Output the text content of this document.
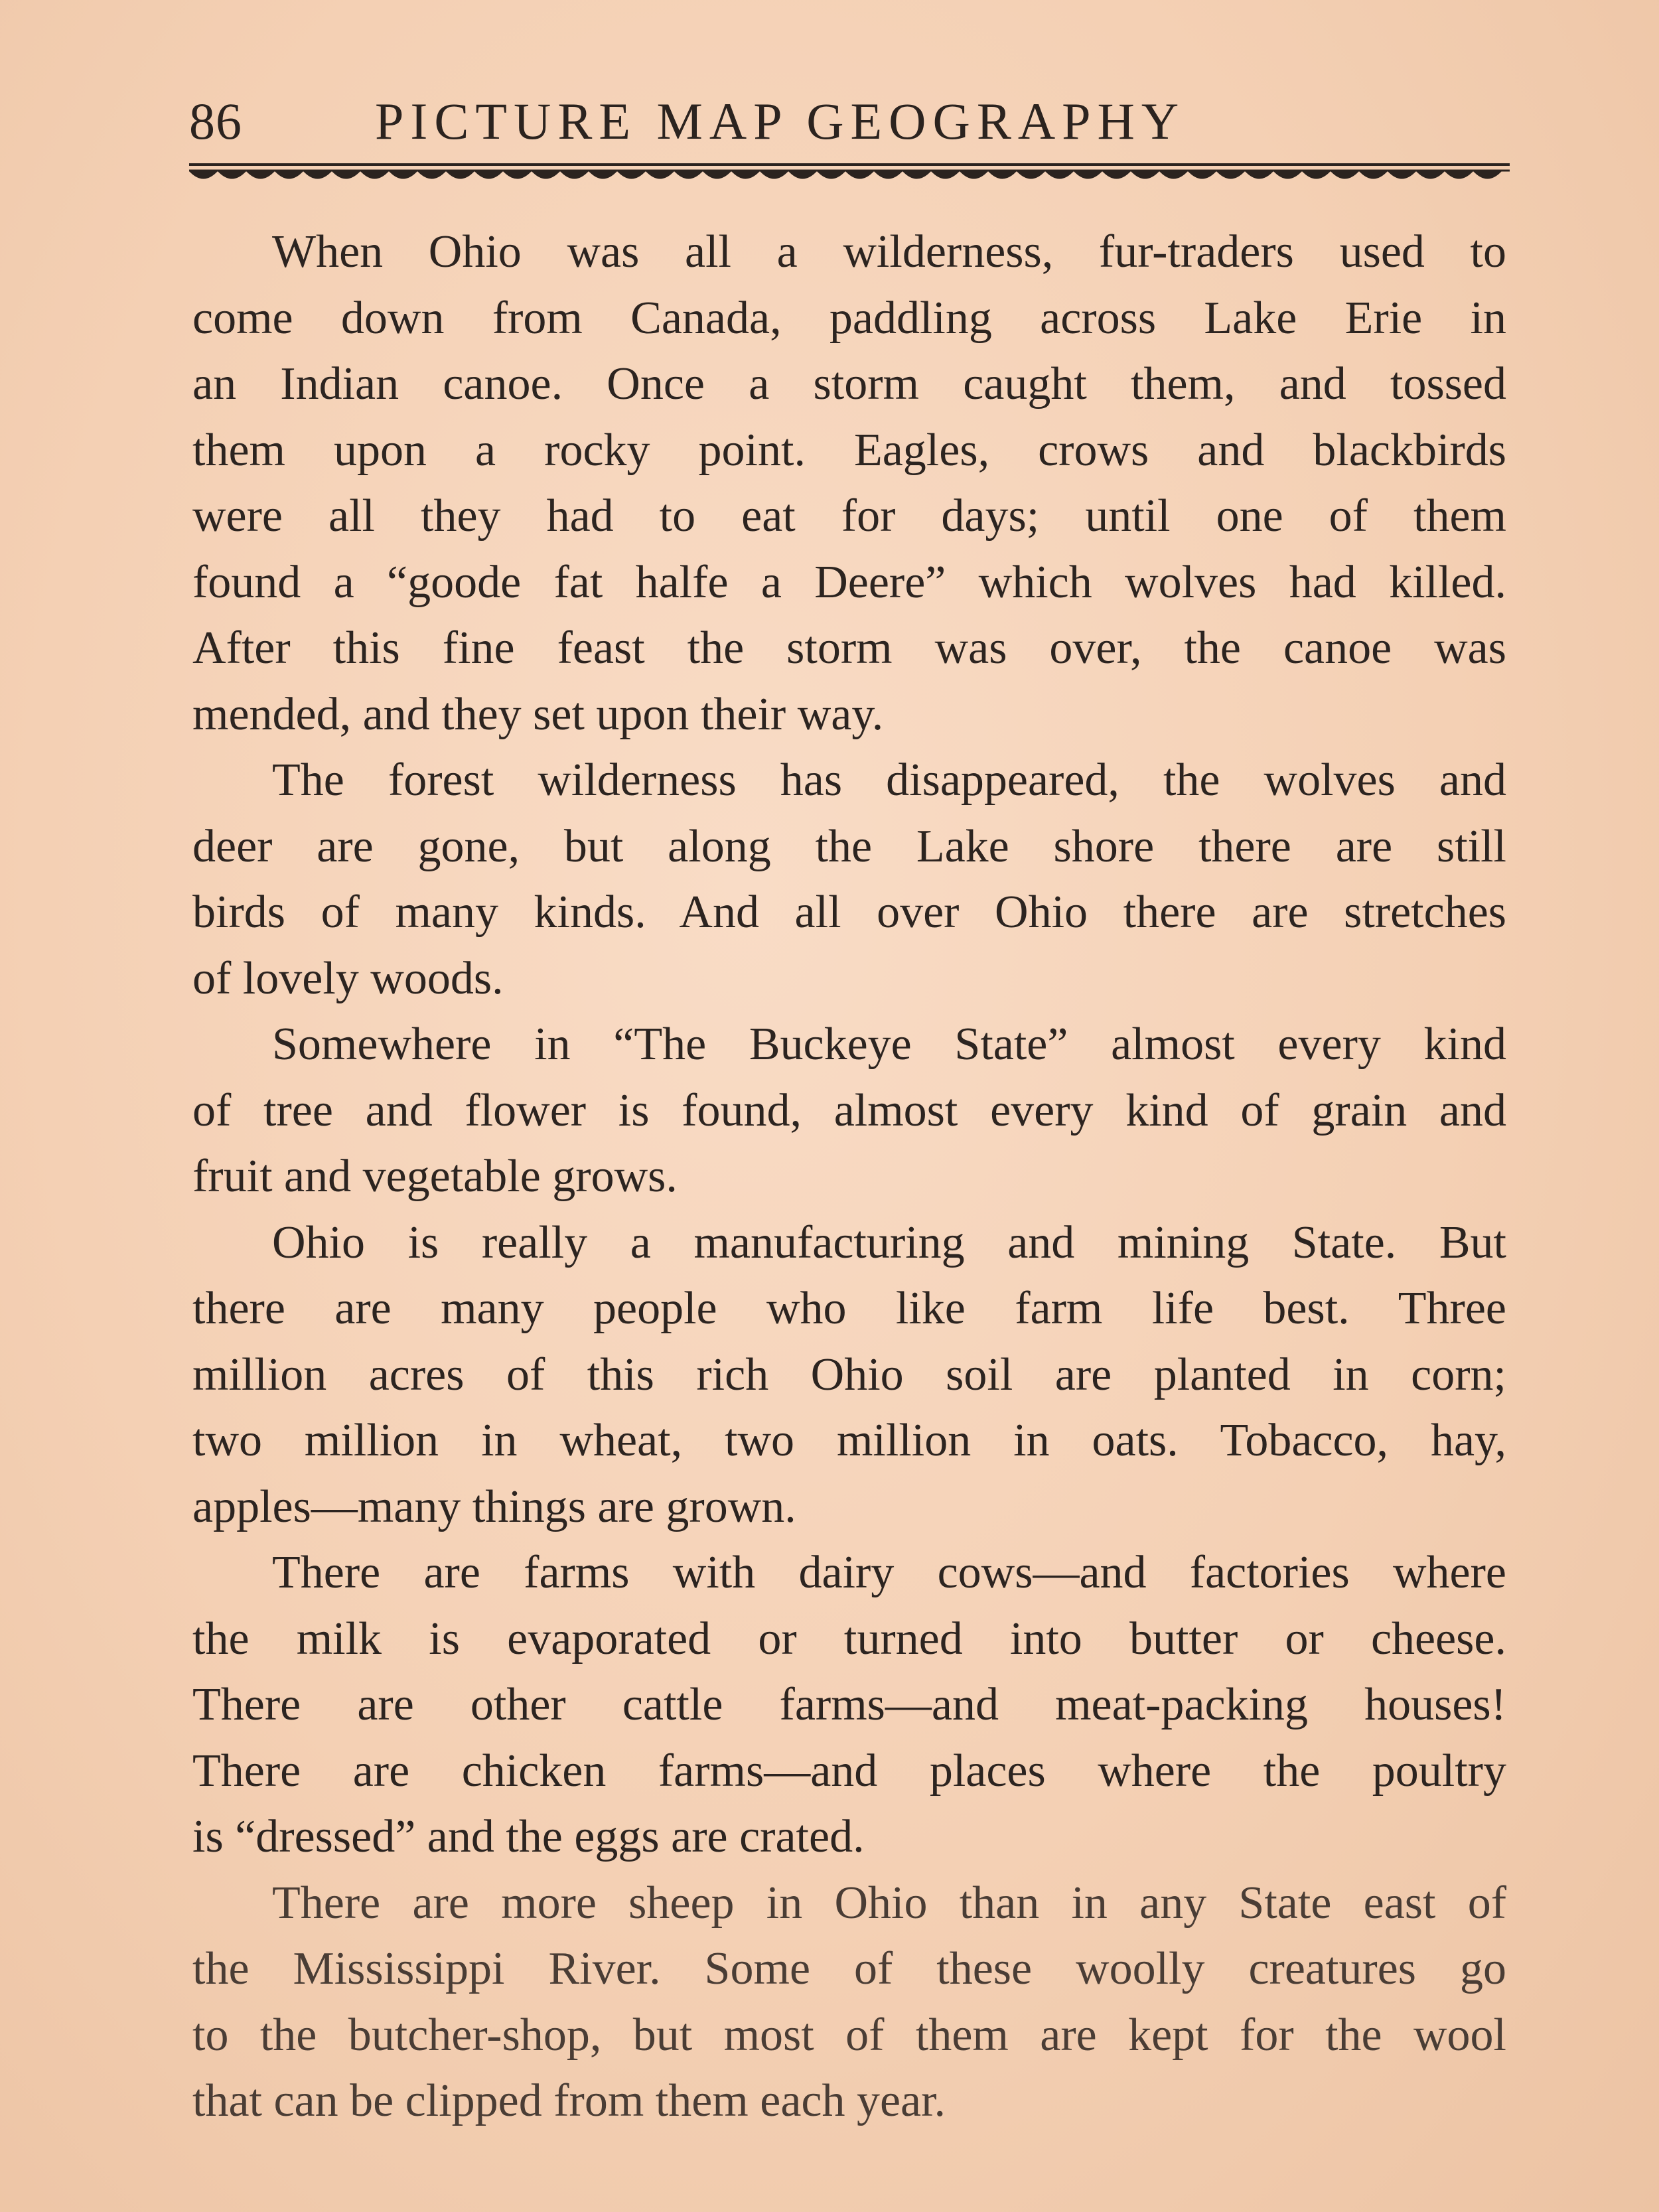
86	PICTURE MAP GEOGRAPHY
When Ohio was all a wilderness, fur-traders used to
come down from Canada, paddling across Lake Erie in
an Indian canoe. Once a storm caught them, and tossed
them upon a rocky point. Eagles, crows and blackbirds
were all they had to eat for days; until one of them
found a “goode fat halfe a Deere” which wolves had killed.
After this fine feast the storm was over, the canoe was
mended, and they set upon their way.
The forest wilderness has disappeared, the wolves and
deer are gone, but along the Lake shore there are still
birds of many kinds. And all over Ohio there are stretches
of lovely woods.
Somewhere in “The Buckeye State” almost every kind
of tree and flower is found, almost every kind of grain and
fruit and vegetable grows.
Ohio is really a manufacturing and mining State. But
there are many people who like farm life best. Three
million acres of this rich Ohio soil are planted in corn;
two million in wheat, two million in oats. Tobacco, hay,
apples—many things are grown.
There are farms with dairy cows—and factories where
the milk is evaporated or turned into butter or cheese.
There are other cattle farms—and meat-packing houses!
There are chicken farms—and places where the poultry
is “dressed” and the eggs are crated.
There are more sheep in Ohio than in any State east of
the Mississippi River. Some of these woolly creatures go
to the butcher-shop, but most of them are kept for the wool
that can be clipped from them each year.
